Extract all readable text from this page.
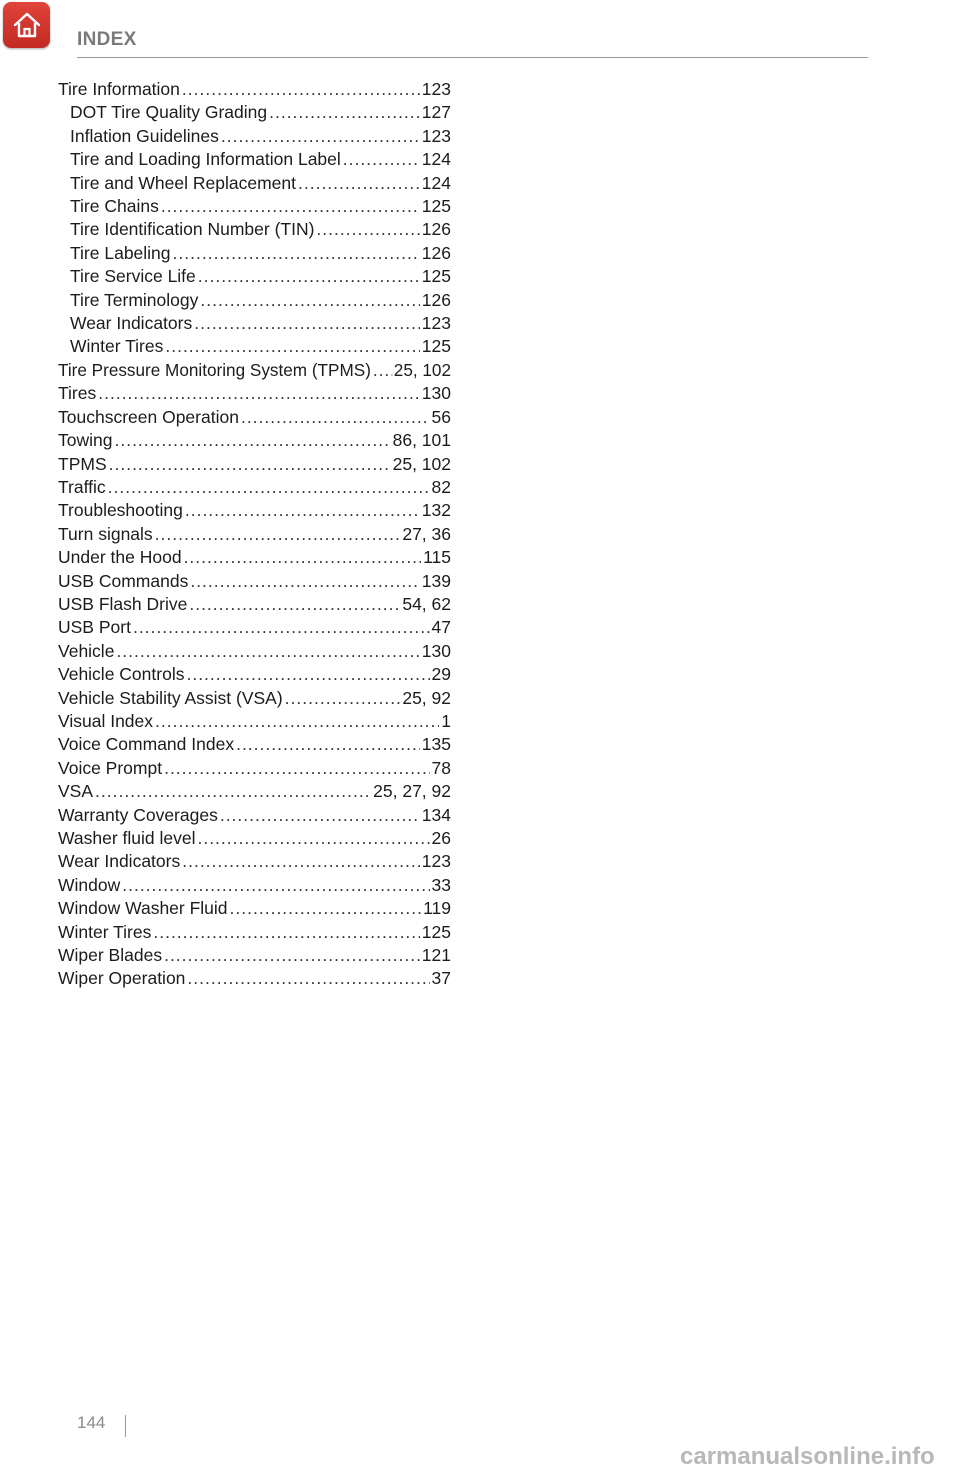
INDEX
Tire Information .....	123
DOT Tire Quality Grading .....	127
Inflation Guidelines .....	123
Tire and Loading Information Label .....	124
Tire and Wheel Replacement .....	124
Tire Chains .....	125
Tire Identification Number (TIN) .....	126
Tire Labeling .....	126
Tire Service Life .....	125
Tire Terminology .....	126
Wear Indicators .....	123
Winter Tires .....	125
Tire Pressure Monitoring System (TPMS) ..... 25, 102
Tires .....	130
Touchscreen Operation .....	56
Towing .....	86, 101
TPMS .....	25, 102
Traffic .....	82
Troubleshooting .....	132
Turn signals .....	27, 36
Under the Hood .....	115
USB Commands .....	139
USB Flash Drive .....	54, 62
USB Port .....	47
Vehicle .....	130
Vehicle Controls .....	29
Vehicle Stability Assist (VSA) .....	25, 92
Visual Index .....	1
Voice Command Index .....	135
Voice Prompt .....	78
VSA .....	25, 27, 92
Warranty Coverages .....	134
Washer fluid level .....	26
Wear Indicators .....	123
Window .....	33
Window Washer Fluid .....	119
Winter Tires .....	125
Wiper Blades .....	121
Wiper Operation .....	37
144
carmanualsonline.info
